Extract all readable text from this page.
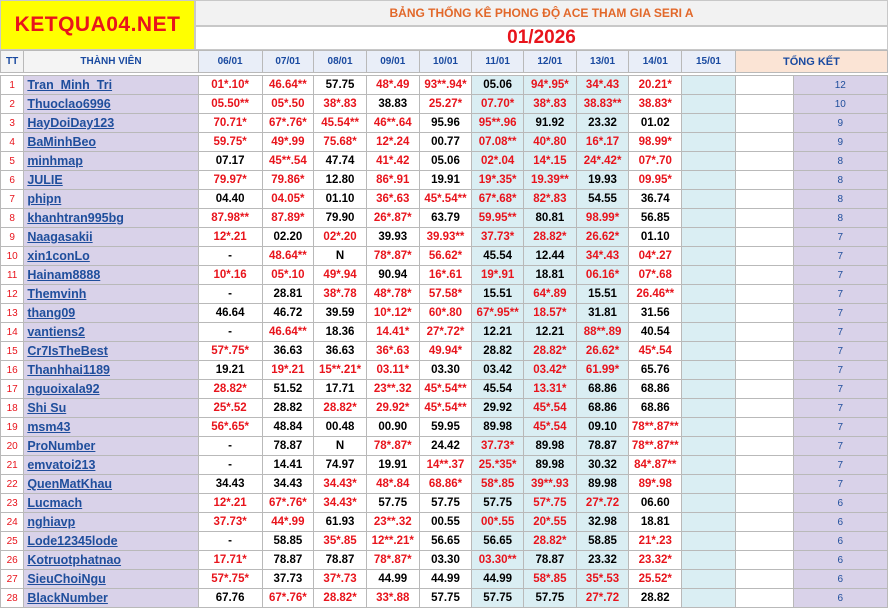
KETQUA04.NET	BẢNG THỐNG KÊ PHONG ĐỘ ACE THAM GIA SERI A
01/2026
TT	THÀNH VIÊN	06/01	07/01	08/01	09/01	10/01	11/01	12/01	13/01	14/01	15/01	TỔNG KẾT	

1	Tran_Minh_Tri	01*.10*	46.64**	57.75	48*.49	93**.94*	05.06	94*.95*	34*.43	20.21*			12
2	Thuoclao6996	05.50**	05*.50	38*.83	38.83	25.27*	07.70*	38*.83	38.83**	38.83*			10
3	HayDoiDay123	70.71*	67*.76*	45.54**	46**.64	95.96	95**.96	91.92	23.32	01.02			9
4	BaMinhBeo	59.75*	49*.99	75.68*	12*.24	00.77	07.08**	40*.80	16*.17	98.99*			9
5	minhmap	07.17	45**.54	47.74	41*.42	05.06	02*.04	14*.15	24*.42*	07*.70			8
6	JULIE	79.97*	79.86*	12.80	86*.91	19.91	19*.35*	19.39**	19.93	09.95*			8
7	phipn	04.40	04.05*	01.10	36*.63	45*.54**	67*.68*	82*.83	54.55	36.74			8
8	khanhtran995bg	87.98**	87.89*	79.90	26*.87*	63.79	59.95**	80.81	98.99*	56.85			8
9	Naagasakii	12*.21	02.20	02*.20	39.93	39.93**	37.73*	28.82*	26.62*	01.10			7
10	xin1conLo	-	48.64**	N	78*.87*	56.62*	45.54	12.44	34*.43	04*.27			7
11	Hainam8888	10*.16	05*.10	49*.94	90.94	16*.61	19*.91	18.81	06.16*	07*.68			7
12	Themvinh	-	28.81	38*.78	48*.78*	57.58*	15.51	64*.89	15.51	26.46**			7
13	thang09	46.64	46.72	39.59	10*.12*	60*.80	67*.95**	18.57*	31.81	31.56			7
14	vantiens2	-	46.64**	18.36	14.41*	27*.72*	12.21	12.21	88**.89	40.54			7
15	Cr7IsTheBest	57*.75*	36.63	36.63	36*.63	49.94*	28.82	28.82*	26.62*	45*.54			7
16	Thanhhai1189	19.21	19*.21	15**.21*	03.11*	03.30	03.42	03.42*	61.99*	65.76			7
17	nguoixala92	28.82*	51.52	17.71	23**.32	45*.54**	45.54	13.31*	68.86	68.86			7
18	Shi Su	25*.52	28.82	28.82*	29.92*	45*.54**	29.92	45*.54	68.86	68.86			7
19	msm43	56*.65*	48.84	00.48	00.90	59.95	89.98	45*.54	09.10	78**.87**			7
20	ProNumber	-	78.87	N	78*.87*	24.42	37.73*	89.98	78.87	78**.87**			7
21	emvatoi213	-	14.41	74.97	19.91	14**.37	25.*35*	89.98	30.32	84*.87**			7
22	QuenMatKhau	34.43	34.43	34.43*	48*.84	68.86*	58*.85	39**.93	89.98	89*.98			7
23	Lucmach	12*.21	67*.76*	34.43*	57.75	57.75	57.75	57*.75	27*.72	06.60			6
24	nghiavp	37.73*	44*.99	61.93	23**.32	00.55	00*.55	20*.55	32.98	18.81			6
25	Lode12345lode	-	58.85	35*.85	12**.21*	56.65	56.65	28.82*	58.85	21*.23			6
26	Kotruotphatnao	17.71*	78.87	78.87	78*.87*	03.30	03.30**	78.87	23.32	23.32*			6
27	SieuChoiNgu	57*.75*	37.73	37*.73	44.99	44.99	44.99	58*.85	35*.53	25.52*			6
28	BlackNumber	67.76	67*.76*	28.82*	33*.88	57.75	57.75	57.75	27*.72	28.82			6
